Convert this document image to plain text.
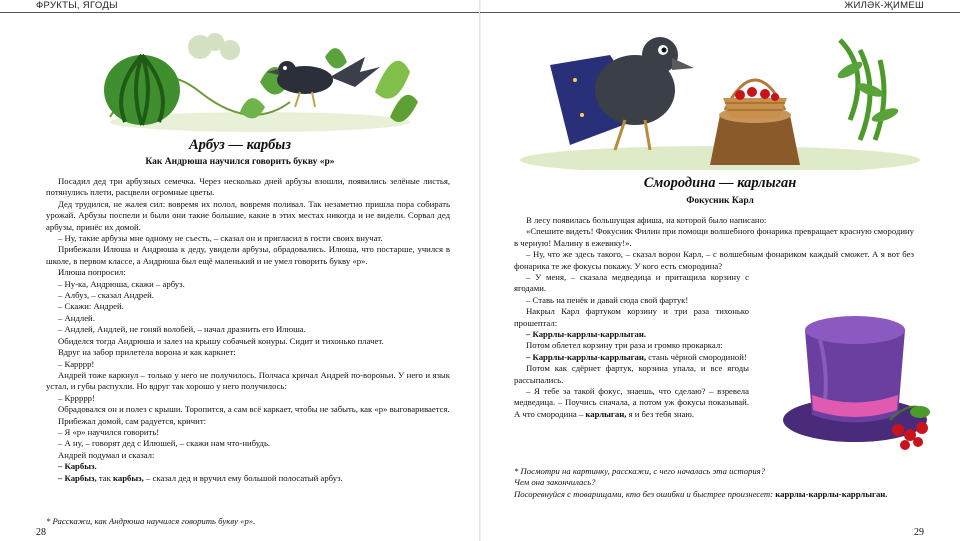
ФРУКТЫ, ЯГОДЫ
Арбуз — карбыз
Как Андрюша научился говорить букву «р»

Посадил дед три арбузных семечка. Через несколько дней арбузы взошли, появились зелёные листья, потянулись плети, расцвели огромные цветы.

Дед трудился, не жалея сил: вовремя их полол, вовремя поливал. Так незаметно пришла пора собирать урожай. Арбузы поспели и были они такие большие, какие в этих местах никогда и не видели. Сорвал дед арбузы, принёс их домой.

– Ну, такие арбузы мне одному не съесть, – сказал он и пригласил в гости своих внучат.

Прибежали Илюша и Андрюша к деду, увидели арбузы, обрадовались. Илюша, что постарше, учился в школе, в первом классе, а Андрюша был ещё маленький и не умел говорить букву «р».

Илюша попросил:

– Ну-ка, Андрюша, скажи – арбуз.

– Албуз, – сказал Андрей.

– Скажи: Андрей.

– Андлей.

– Андлей, Андлей, не гоняй волобей, – начал дразнить его Илюша.

Обиделся тогда Андрюша и залез на крышу собачьей конуры. Сидит и тихонько плачет.

Вдруг на забор прилетела ворона и как каркнет:

– Карррр!

Андрей тоже каркнул – только у него не получилось. Полчаса кричал Андрей по-вороньи. У него и язык устал, и губы распухли. Но вдруг так хорошо у него получилось:

– Кррррр!

Обрадовался он и полез с крыши. Торопится, а сам всё каркает, чтобы не забыть, как «р» выговаривается.

Прибежал домой, сам радуется, кричит:

– Я «р» научился говорить!

– А ну, – говорят дед с Илюшей, – скажи нам что-нибудь.

Андрей подумал и сказал:

– Карбыз.

– Карбыз, так карбыз, – сказал дед и вручил ему большой полосатый арбуз.

* Расскажи, как Андрюша научился говорить букву «р».

28
ЖИЛӘК-ҖИМЕШ
Смородина — карлыган
Фокусник Карл

В лесу появилась большущая афиша, на которой было написано:

«Спешите видеть! Фокусник Филин при помощи волшебного фонарика превращает красную смородину в черную! Малину в ежевику!».

– Ну, что же здесь такого, – сказал ворон Карл, – с волшебным фонариком каждый сможет. А я вот без фонарика те же фокусы покажу. У кого есть смородина?

– У меня, – сказала медведица и притащила корзину с ягодами.

– Ставь на пенёк и давай сюда свой фартук!

Накрыл Карл фартуком корзину и три раза тихонько прошептал:

– Каррлы-каррлы-каррлыган.

Потом облетел корзину три раза и громко прокаркал:

– Каррлы-каррлы-каррлыган, стань чёрной смородиной!

Потом как сдёрнет фартук, корзина упала, и все ягоды рассыпались.

– Я тебе за такой фокус, знаешь, что сделаю? – взревела медведица. – Поучись сначала, а потом уж фокусы показывай. А что смородина – карлыган, я и без тебя знаю.

* Посмотри на картинку, расскажи, с чего началась эта история?

Чем она закончилась?

Посоревнуйся с товарищами, кто без ошибки и быстрее произнесет: каррлы-каррлы-каррлыган.

29
